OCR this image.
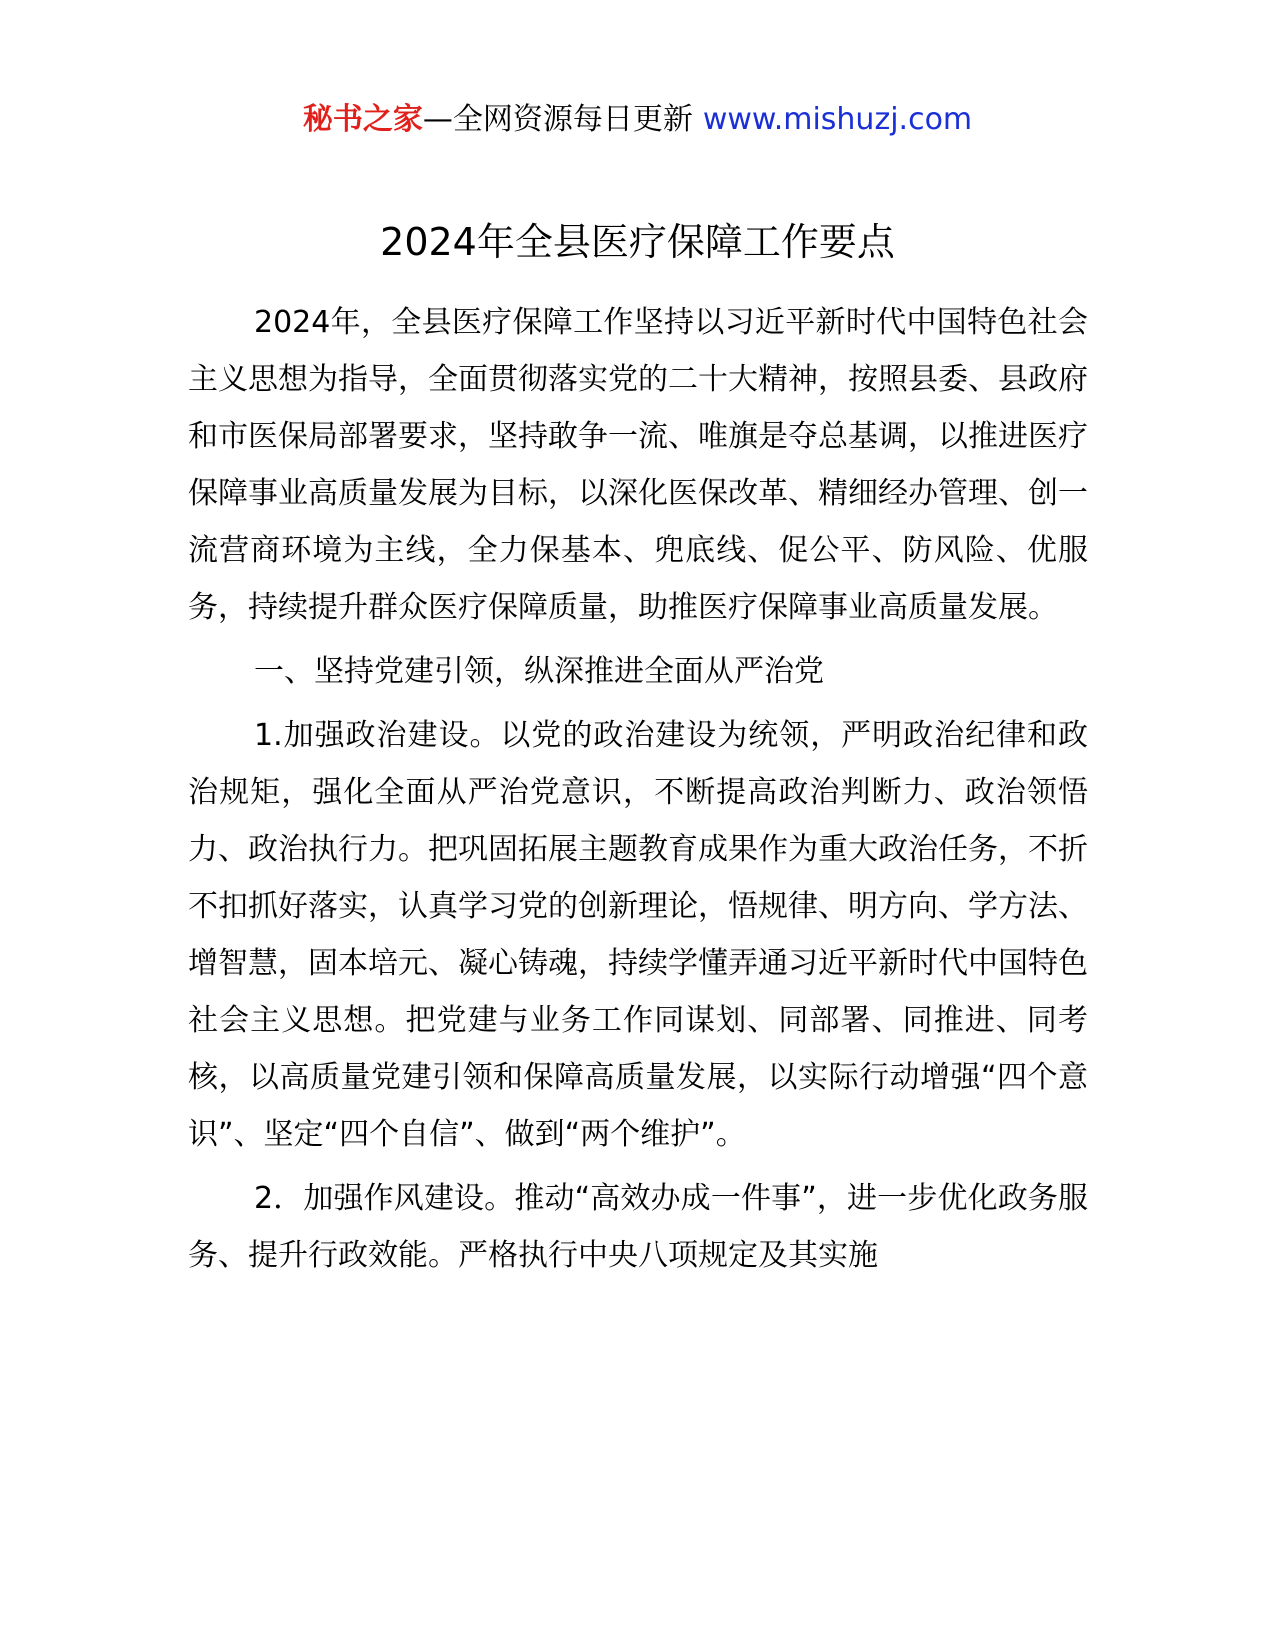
秘书之家—全网资源每日更新 www.mishuzj.com
2024年全县医疗保障工作要点

2024年，全县医疗保障工作坚持以习近平新时代中国特色社会主义思想为指导，全面贯彻落实党的二十大精神，按照县委、县政府和市医保局部署要求，坚持敢争一流、唯旗是夺总基调，以推进医疗保障事业高质量发展为目标，以深化医保改革、精细经办管理、创一流营商环境为主线，全力保基本、兜底线、促公平、防风险、优服务，持续提升群众医疗保障质量，助推医疗保障事业高质量发展。

一、坚持党建引领，纵深推进全面从严治党

1.加强政治建设。以党的政治建设为统领，严明政治纪律和政治规矩，强化全面从严治党意识，不断提高政治判断力、政治领悟力、政治执行力。把巩固拓展主题教育成果作为重大政治任务，不折不扣抓好落实，认真学习党的创新理论，悟规律、明方向、学方法、增智慧，固本培元、凝心铸魂，持续学懂弄通习近平新时代中国特色社会主义思想。把党建与业务工作同谋划、同部署、同推进、同考核，以高质量党建引领和保障高质量发展，以实际行动增强“四个意识”、坚定“四个自信”、做到“两个维护”。

2．加强作风建设。推动“高效办成一件事”，进一步优化政务服务、提升行政效能。严格执行中央八项规定及其实施
